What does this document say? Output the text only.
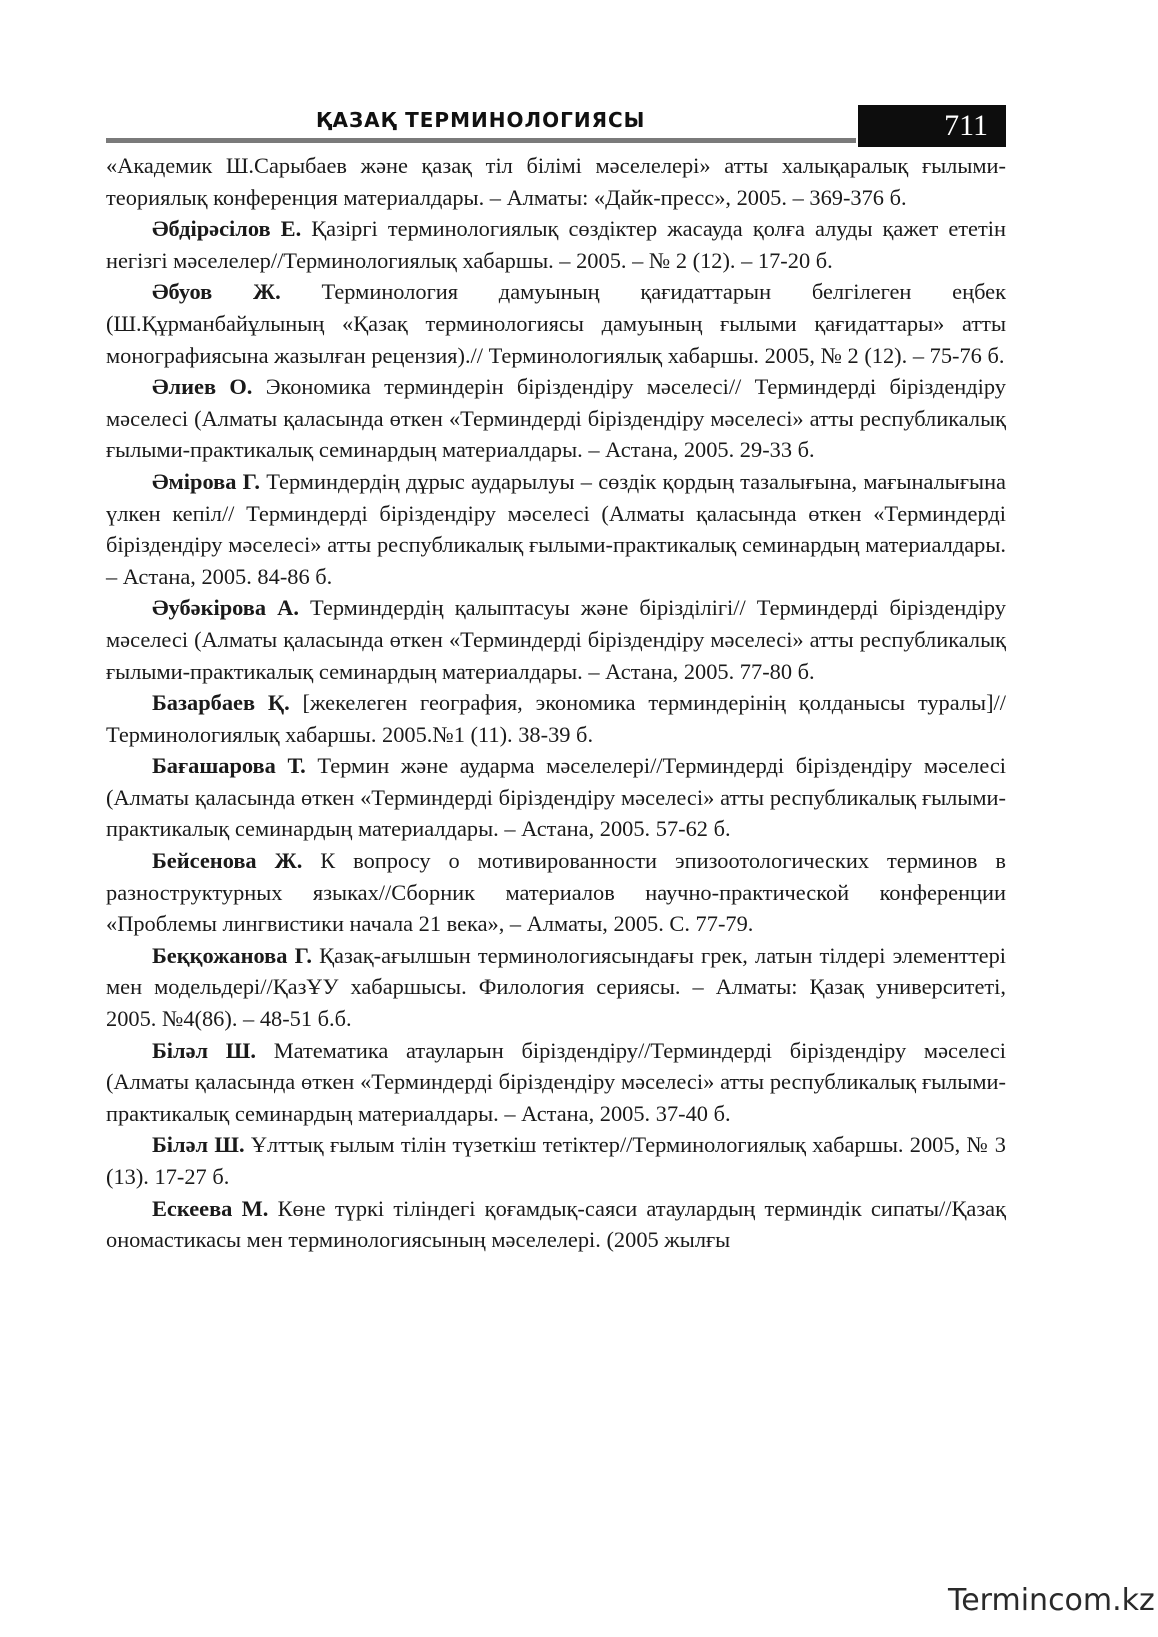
ҚАЗАҚ ТЕРМИНОЛОГИЯСЫ	711

«Академик Ш.Сарыбаев және қазақ тіл білімі мәселелері» атты халықаралық ғылыми-теориялық конференция материалдары. – Алматы: «Дайк-пресс», 2005. – 369-376 б.

Әбдірәсілов Е. Қазіргі терминологиялық сөздіктер жасауда қолға алуды қажет ететін негізгі мәселелер//Терминологиялық хабаршы. – 2005. – № 2 (12). – 17-20 б.

Әбуов Ж. Терминология дамуының қағидаттарын белгілеген еңбек (Ш.Құрманбайұлының «Қазақ терминологиясы дамуының ғылыми қағидаттары» атты монографиясына жазылған рецензия).// Терминологиялық хабаршы. 2005, № 2 (12). – 75-76 б.

Әлиев О. Экономика терминдерін біріздендіру мәселесі// Терминдерді біріздендіру мәселесі (Алматы қаласында өткен «Терминдерді біріздендіру мәселесі» атты республикалық ғылыми-практикалық семинардың материалдары. – Астана, 2005. 29-33 б.

Әмірова Г. Терминдердің дұрыс аударылуы – сөздік қордың тазалығына, мағыналығына үлкен кепіл// Терминдерді біріздендіру мәселесі (Алматы қаласында өткен «Терминдерді біріздендіру мәселесі» атты республикалық ғылыми-практикалық семинардың материалдары. – Астана, 2005. 84-86 б.

Әубәкірова А. Терминдердің қалыптасуы және біріздiлiгi// Терминдерді біріздендіру мәселесі (Алматы қаласында өткен «Терминдерді біріздендіру мәселесі» атты республикалық ғылыми-практикалық семинардың материалдары. – Астана, 2005. 77-80 б.

Базарбаев Қ. [жекелеген география, экономика терминдерінің қолданысы туралы]// Терминологиялық хабаршы. 2005.№1 (11). 38-39 б.

Бағашарова Т. Термин және аударма мәселелері//Терминдерді біріздендіру мәселесі (Алматы қаласында өткен «Терминдерді біріздендіру мәселесі» атты республикалық ғылыми-практикалық семинардың материалдары. – Астана, 2005. 57-62 б.

Бейсенова Ж. К вопросу о мотивированности эпизоотологических терминов в разноструктурных языках//Сборник материалов научно-практической конференции «Проблемы лингвистики начала 21 века», – Алматы, 2005. С. 77-79.

Беққожанова Г. Қазақ-ағылшын терминологиясындағы грек, латын тілдері элементтері мен модельдері//ҚазҰУ хабаршысы. Филология сериясы. – Алматы: Қазақ университеті, 2005. №4(86). – 48-51 б.б.

Біләл Ш. Математика атауларын біріздендіру//Терминдерді біріздендіру мәселесі (Алматы қаласында өткен «Терминдерді біріздендіру мәселесі» атты республикалық ғылыми-практикалық семинардың материалдары. – Астана, 2005. 37-40 б.

Біләл Ш. Ұлттық ғылым тілін түзеткіш тетіктер//Терминологиялық хабаршы. 2005, № 3 (13). 17-27 б.

Ескеева М. Көне түркі тіліндегі қоғамдық-саяси атаулардың терминдік сипаты//Қазақ ономастикасы мен терминологиясының мәселелері. (2005 жылғы

Termincom.kz
